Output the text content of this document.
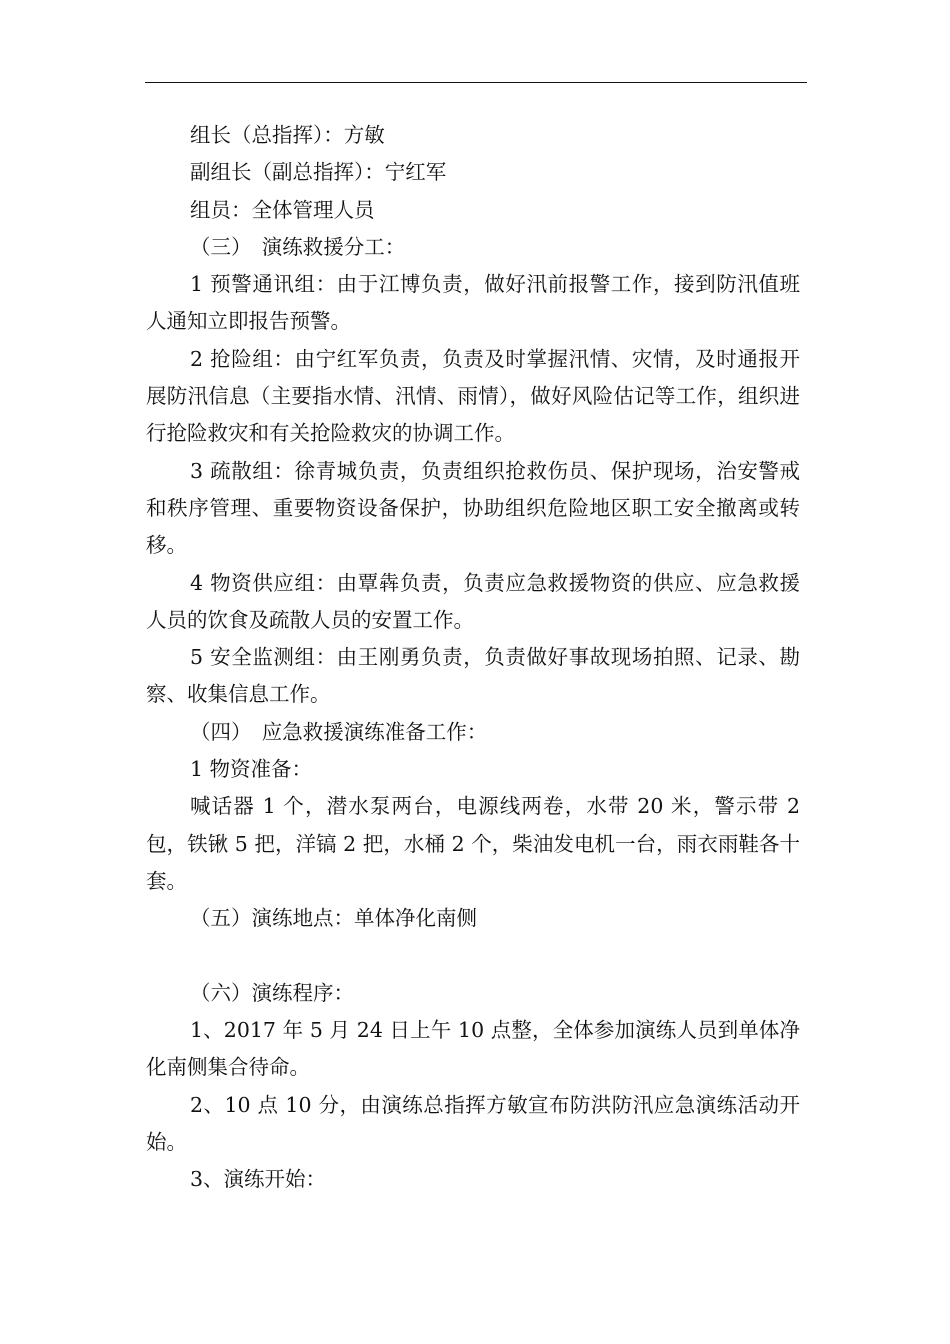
组长（总指挥）：方敏

副组长（副总指挥）：宁红军

组员：全体管理人员

（三）　演练救援分工：

1 预警通讯组：由于江博负责，做好汛前报警工作，接到防汛值班人通知立即报告预警。

2 抢险组：由宁红军负责，负责及时掌握汛情、灾情，及时通报开展防汛信息（主要指水情、汛情、雨情），做好风险估记等工作，组织进行抢险救灾和有关抢险救灾的协调工作。

3 疏散组：徐青城负责，负责组织抢救伤员、保护现场，治安警戒和秩序管理、重要物资设备保护，协助组织危险地区职工安全撤离或转移。

4 物资供应组：由覃犇负责，负责应急救援物资的供应、应急救援人员的饮食及疏散人员的安置工作。

5 安全监测组：由王刚勇负责，负责做好事故现场拍照、记录、勘察、收集信息工作。

（四）　应急救援演练准备工作：

1 物资准备：

喊话器 1 个，潜水泵两台，电源线两卷，水带 20 米，警示带 2 包，铁锹 5 把，洋镐 2 把，水桶 2 个，柴油发电机一台，雨衣雨鞋各十套。

（五）演练地点：单体净化南侧

（六）演练程序：

1、2017 年 5 月 24 日上午 10 点整，全体参加演练人员到单体净化南侧集合待命。

2、10 点 10 分，由演练总指挥方敏宣布防洪防汛应急演练活动开始。

3、演练开始：
